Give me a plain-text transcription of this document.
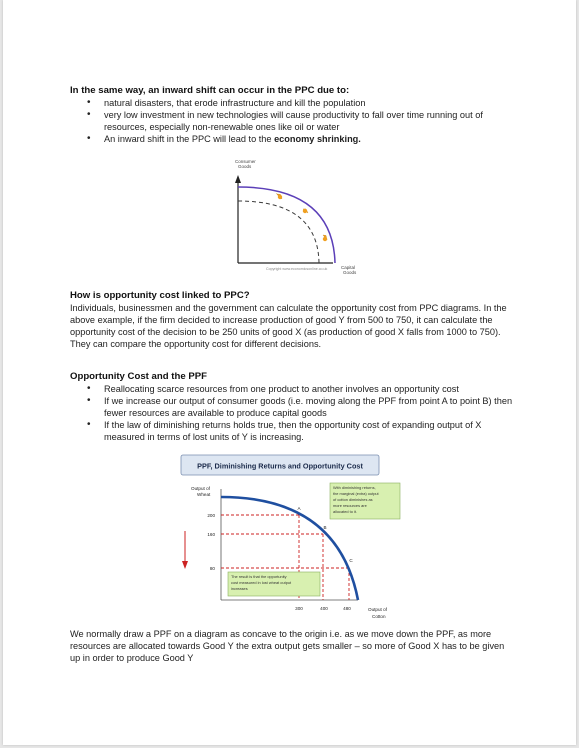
In the same way, an inward shift can occur in the PPC due to:
• natural disasters, that erode infrastructure and kill the population
• very low investment in new technologies will cause productivity to fall over time running out of resources, especially non-renewable ones like oil or water
• An inward shift in the PPC will lead to the economy shrinking.
Consumer
Goods
Copyright www.economicsonline.co.uk	Capital
Goods
How is opportunity cost linked to PPC?
Individuals, businessmen and the government can calculate the opportunity cost from PPC diagrams. In the above example, if the firm decided to increase production of good Y from 500 to 750, it can calculate the opportunity cost of the decision to be 250 units of good X (as production of good X falls from 1000 to 750). They can compare the opportunity cost for different decisions.
Opportunity Cost and the PPF
• Reallocating scarce resources from one product to another involves an opportunity cost
• If we increase our output of consumer goods (i.e. moving along the PPF from point A to point B) then fewer resources are available to produce capital goods
• If the law of diminishing returns holds true, then the opportunity cost of expanding output of X measured in terms of lost units of Y is increasing.
PPF, Diminishing Returns and Opportunity Cost
Output of
Wheat
200
160
80
A
B
C
300	400	480	Output of
Cotton
With diminishing returns, the marginal (extra) output of cotton diminishes as more resources are allocated to it.
The result is that the opportunity cost measured in lost wheat output increases
We normally draw a PPF on a diagram as concave to the origin i.e. as we move down the PPF, as more resources are allocated towards Good Y the extra output gets smaller – so more of Good X has to be given up in order to produce Good Y
